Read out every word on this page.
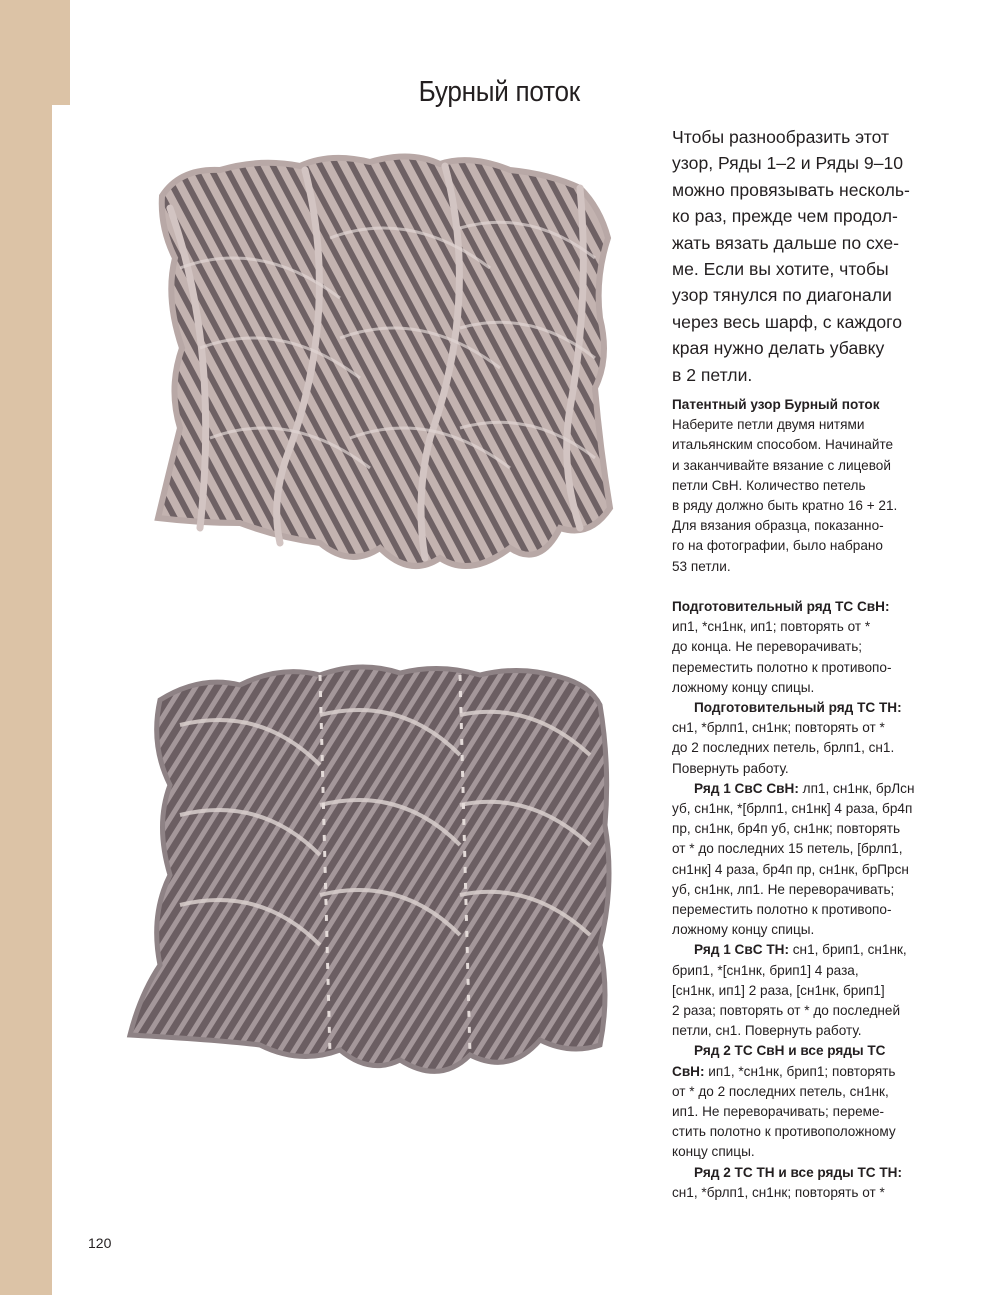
Бурный поток
Чтобы разнообразить этот
узор, Ряды 1–2 и Ряды 9–10
можно провязывать несколь-
ко раз, прежде чем продол-
жать вязать дальше по схе-
ме. Если вы хотите, чтобы
узор тянулся по диагонали
через весь шарф, с каждого
края нужно делать убавку
в 2 петли.
Патентный узор Бурный поток
Наберите петли двумя нитями
итальянским способом. Начинайте
и заканчивайте вязание с лицевой
петли СвН. Количество петель
в ряду должно быть кратно 16 + 21.
Для вязания образца, показанно-
го на фотографии, было набрано
53 петли.
Подготовительный ряд ТС СвН:
ип1, *сн1нк, ип1; повторять от *
до конца. Не переворачивать;
переместить полотно к противопо-
ложному концу спицы.
Подготовительный ряд ТС ТН:
сн1, *брлп1, сн1нк; повторять от *
до 2 последних петель, брлп1, сн1.
Повернуть работу.
Ряд 1 СвС СвН: лп1, сн1нк, брЛсн
уб, сн1нк, *[брлп1, сн1нк] 4 раза, бр4п
пр, сн1нк, бр4п уб, сн1нк; повторять
от * до последних 15 петель, [брлп1,
сн1нк] 4 раза, бр4п пр, сн1нк, брПрсн
уб, сн1нк, лп1. Не переворачивать;
переместить полотно к противопо-
ложному концу спицы.
Ряд 1 СвС ТН: сн1, брип1, сн1нк,
брип1, *[сн1нк, брип1] 4 раза,
[сн1нк, ип1] 2 раза, [сн1нк, брип1]
2 раза; повторять от * до последней
петли, сн1. Повернуть работу.
Ряд 2 ТС СвН и все ряды ТС
СвН: ип1, *сн1нк, брип1; повторять
от * до 2 последних петель, сн1нк,
ип1. Не переворачивать; переме-
стить полотно к противоположному
концу спицы.
Ряд 2 ТС ТН и все ряды ТС ТН:
сн1, *брлп1, сн1нк; повторять от *
120
